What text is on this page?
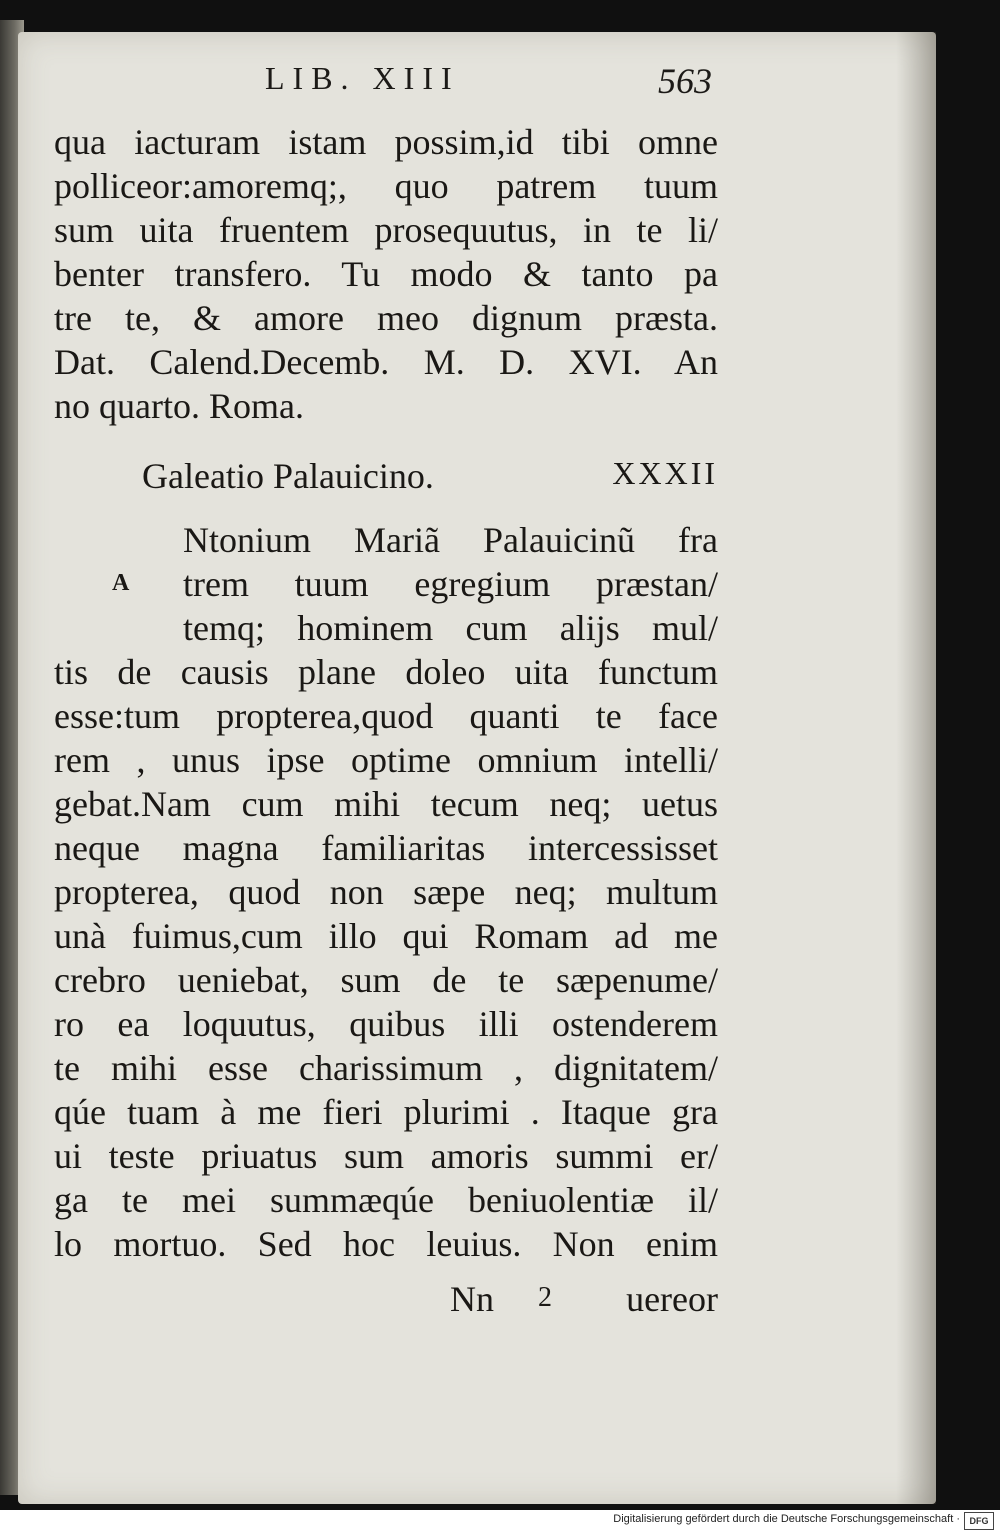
LIB. XIII	563
qua iacturam istam possim,id tibi omne
polliceor:amoremq;, quo patrem tuum
sum uita fruentem prosequutus, in te li/
benter transfero. Tu modo & tanto pa
tre te, & amore meo dignum præsta.
Dat. Calend.Decemb. M. D. XVI. An
no quarto. Roma.
Galeatio Palauicino.	XXXII
A
Ntonium Mariã Palauicinũ fra
trem tuum egregium præstan/
temq; hominem cum alijs mul/
tis de causis plane doleo uita functum
esse:tum propterea,quod quanti te face
rem , unus ipse optime omnium intelli/
gebat.Nam cum mihi tecum neq; uetus
neque magna familiaritas intercessisset
propterea, quod non sæpe neq; multum
unà fuimus,cum illo qui Romam ad me
crebro ueniebat, sum de te sæpenume/
ro ea loquutus, quibus illi ostenderem
te mihi esse charissimum , dignitatem/
qúe tuam à me fieri plurimi . Itaque gra
ui teste priuatus sum amoris summi er/
ga te mei summæqúe beniuolentiæ il/
lo mortuo. Sed hoc leuius. Non enim
Nn 2 uereor
Digitalisierung gefördert durch die Deutsche Forschungsgemeinschaft ·	DFG
